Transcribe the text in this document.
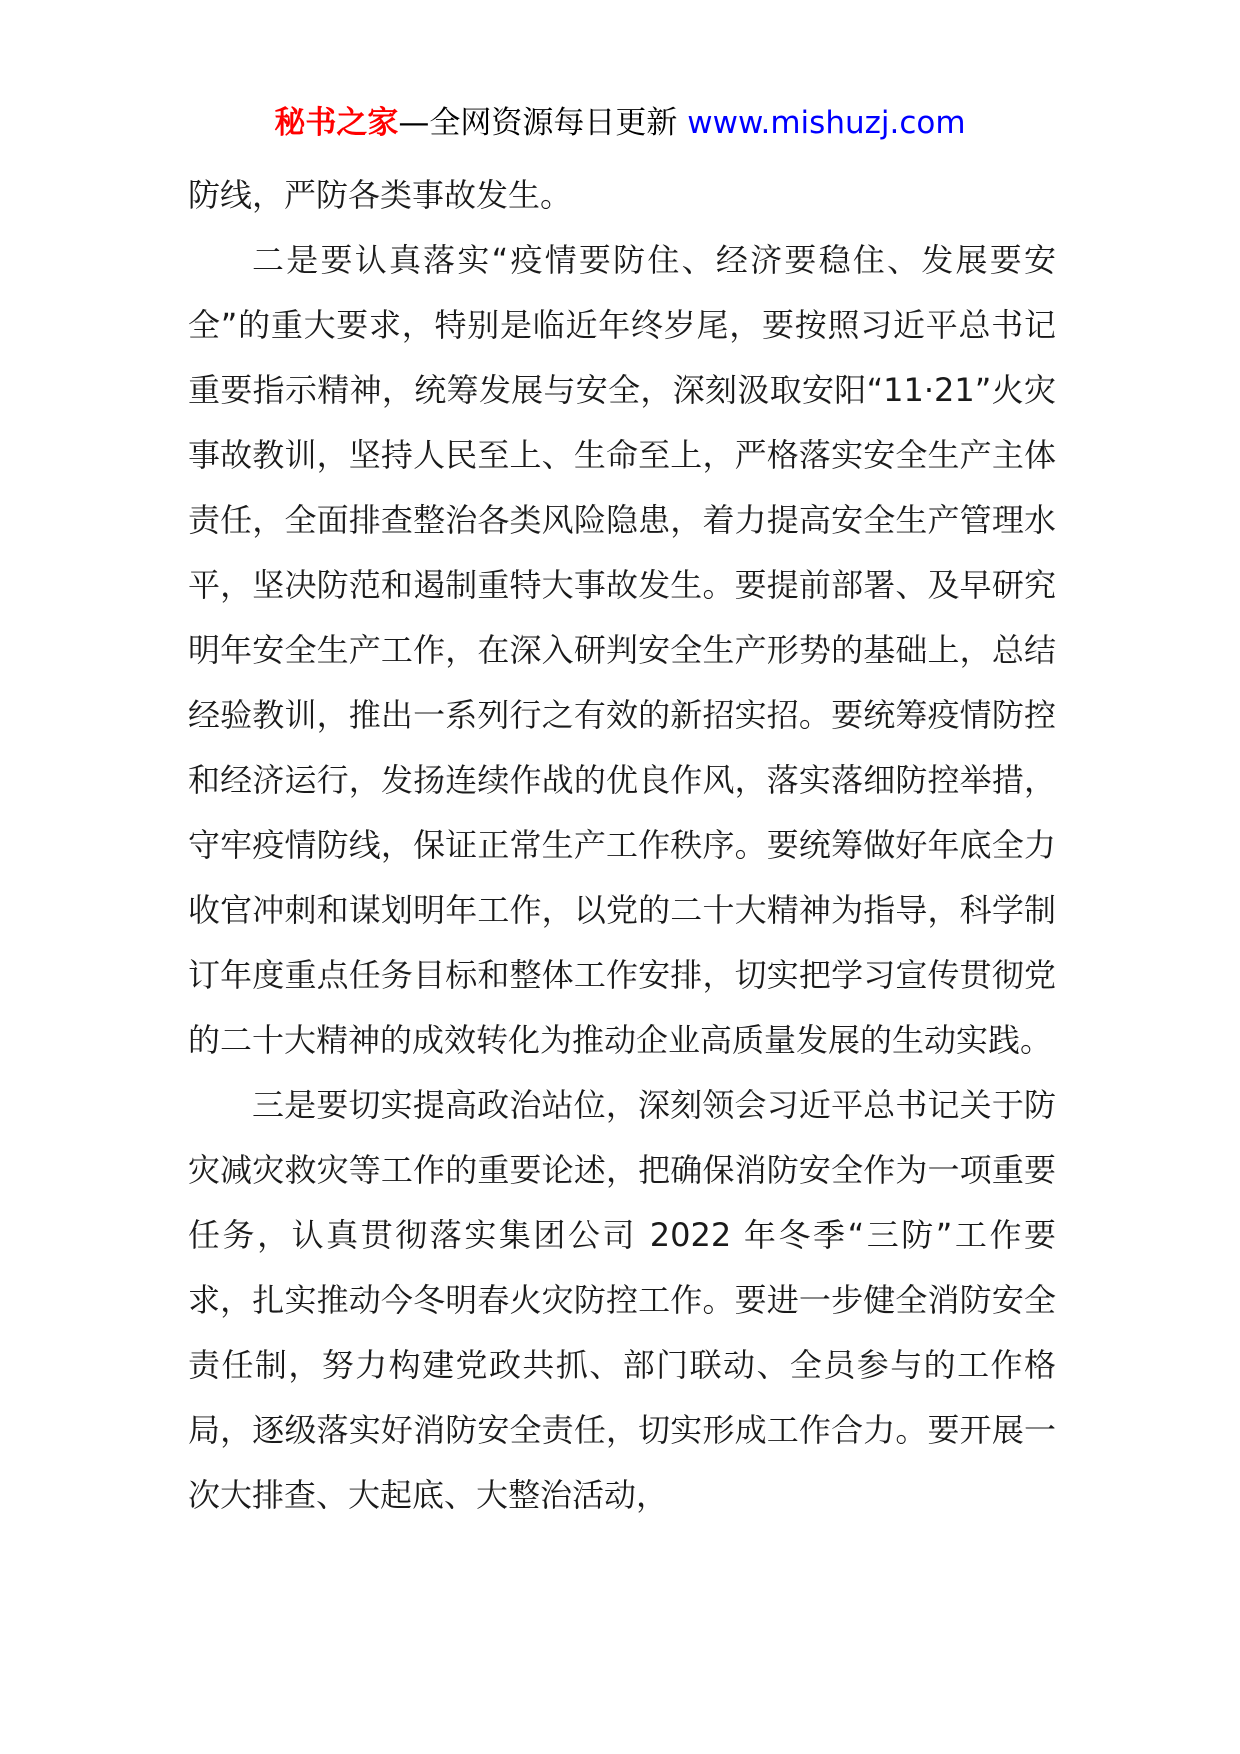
秘书之家—全网资源每日更新 www.mishuzj.com

防线，严防各类事故发生。

二是要认真落实“疫情要防住、经济要稳住、发展要安全”的重大要求，特别是临近年终岁尾，要按照习近平总书记重要指示精神，统筹发展与安全，深刻汲取安阳“11·21”火灾事故教训，坚持人民至上、生命至上，严格落实安全生产主体责任，全面排查整治各类风险隐患，着力提高安全生产管理水平，坚决防范和遏制重特大事故发生。要提前部署、及早研究明年安全生产工作，在深入研判安全生产形势的基础上，总结经验教训，推出一系列行之有效的新招实招。要统筹疫情防控和经济运行，发扬连续作战的优良作风，落实落细防控举措，守牢疫情防线，保证正常生产工作秩序。要统筹做好年底全力收官冲刺和谋划明年工作，以党的二十大精神为指导，科学制订年度重点任务目标和整体工作安排，切实把学习宣传贯彻党的二十大精神的成效转化为推动企业高质量发展的生动实践。

三是要切实提高政治站位，深刻领会习近平总书记关于防灾减灾救灾等工作的重要论述，把确保消防安全作为一项重要任务，认真贯彻落实集团公司 2022 年冬季“三防”工作要求，扎实推动今冬明春火灾防控工作。要进一步健全消防安全责任制，努力构建党政共抓、部门联动、全员参与的工作格局，逐级落实好消防安全责任，切实形成工作合力。要开展一次大排查、大起底、大整治活动，
